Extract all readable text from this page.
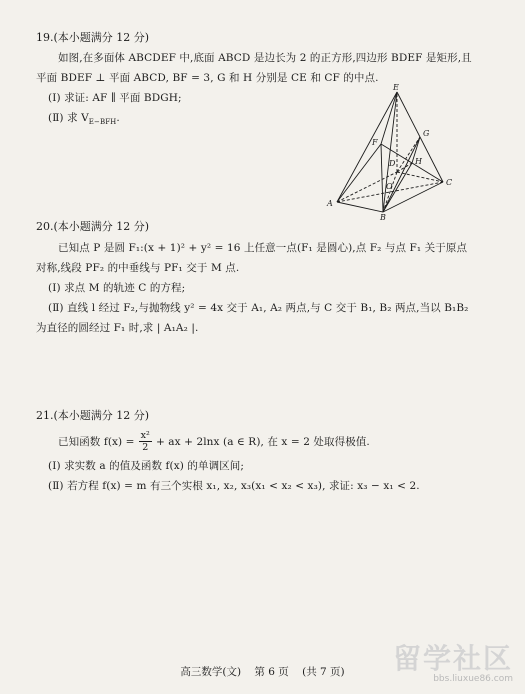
19.(本小题满分 12 分)
如图,在多面体 ABCDEF 中,底面 ABCD 是边长为 2 的正方形,四边形 BDEF 是矩形,且
平面 BDEF ⊥ 平面 ABCD, BF = 3, G 和 H 分别是 CE 和 CF 的中点.
(Ⅰ) 求证: AF ∥ 平面 BDGH;
(Ⅱ) 求 $V_{E-BFH}$.
E
F
G
D H
O	C
A
B
20.(本小题满分 12 分)
已知点 P 是圆 F₁:(x + 1)² + y² = 16 上任意一点(F₁ 是圆心),点 F₂ 与点 F₁ 关于原点
对称,线段 PF₂ 的中垂线与 PF₁ 交于 M 点.
(Ⅰ) 求点 M 的轨迹 C 的方程;
(Ⅱ) 直线 l 经过 F₂,与抛物线 y² = 4x 交于 A₁, A₂ 两点,与 C 交于 B₁, B₂ 两点,当以 B₁B₂
为直径的圆经过 F₁ 时,求 | A₁A₂ |.
21.(本小题满分 12 分)
已知函数 $f(x) = \frac{\text{x²}}{2}$ + ax + 2lnx (a ∈ R), 在 x = 2 处取得极值.
(Ⅰ) 求实数 a 的值及函数 f(x) 的单调区间;
(Ⅱ) 若方程 f(x) = m 有三个实根 x₁, x₂, x₃(x₁ < x₂ < x₃), 求证: x₃ − x₁ < 2.
高三数学(文) 第 6 页 (共 7 页)	留学社区
bbs.liuxue86.com
